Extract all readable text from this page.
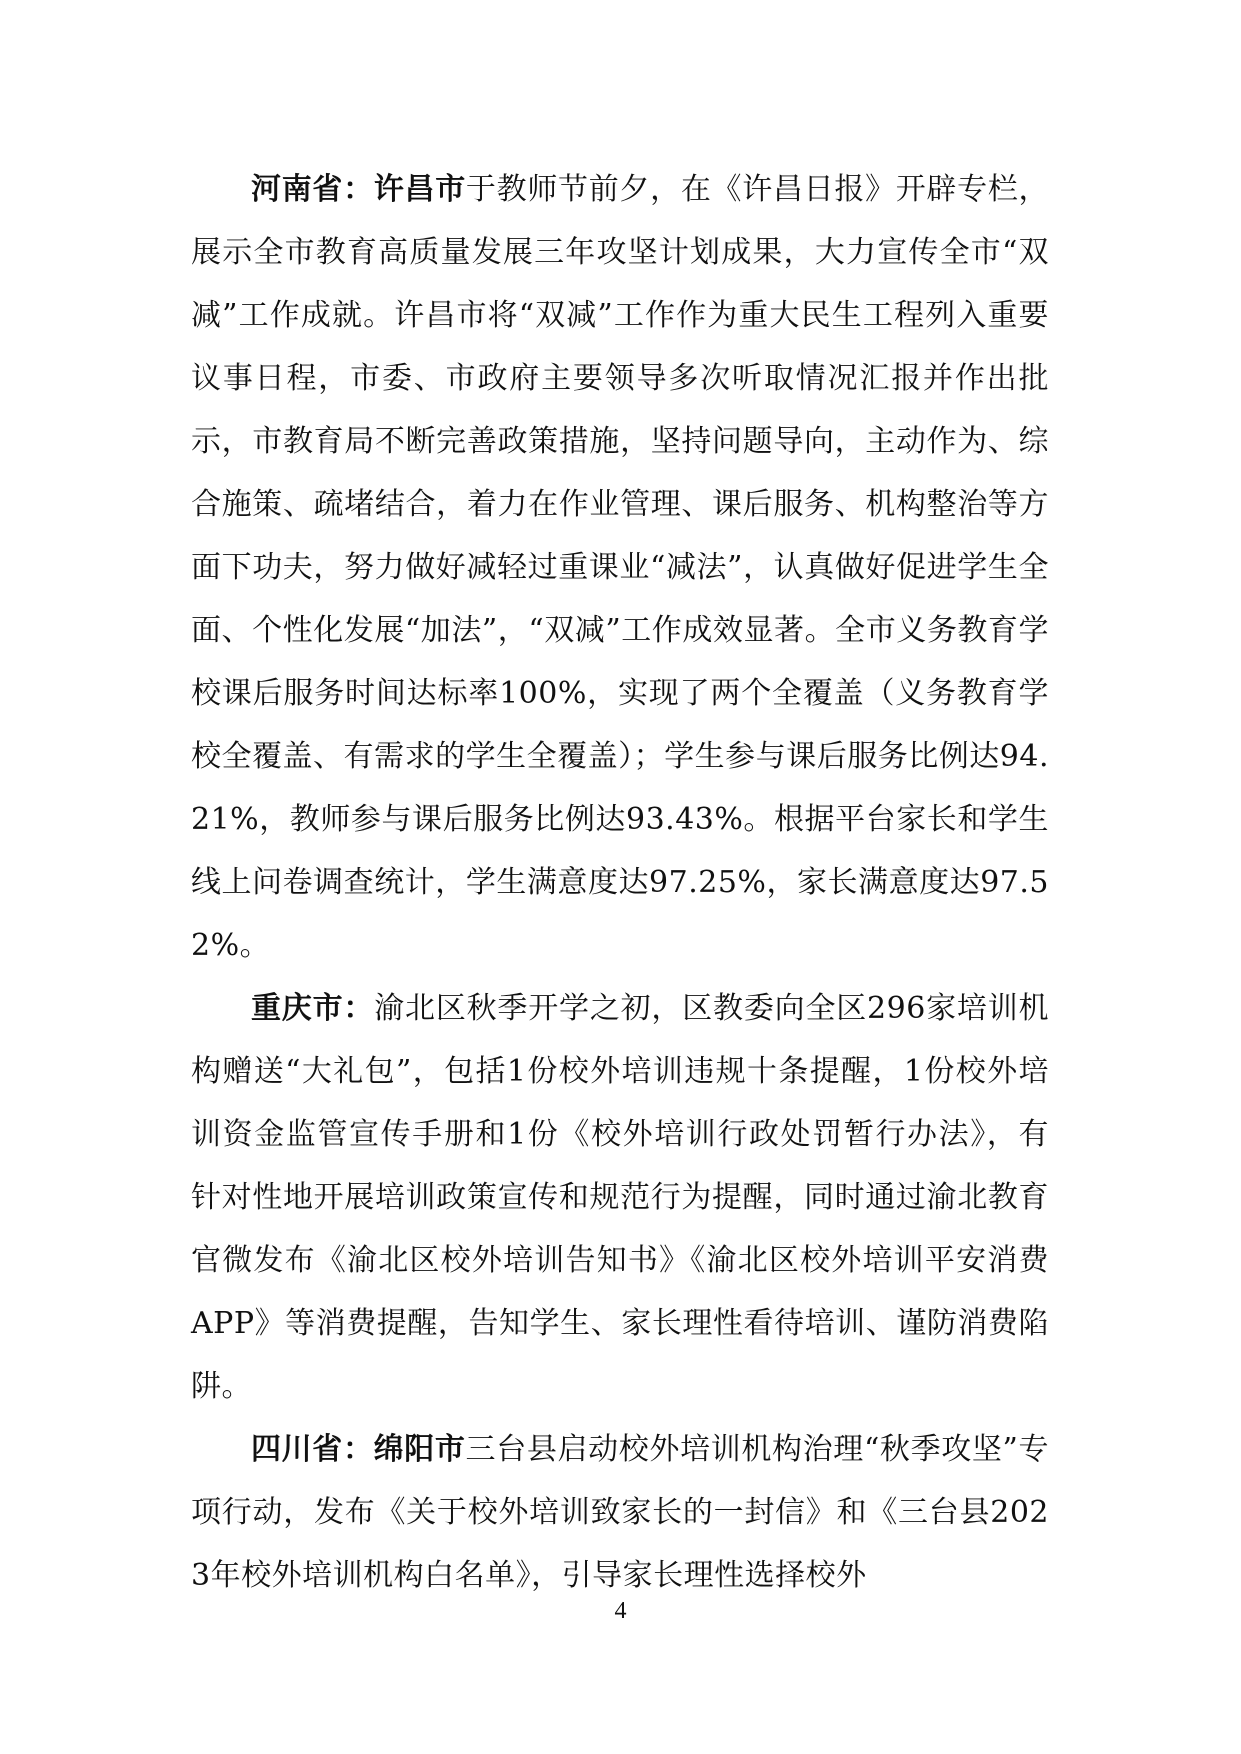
河南省：许昌市于教师节前夕，在《许昌日报》开辟专栏，展示全市教育高质量发展三年攻坚计划成果，大力宣传全市“双减”工作成就。许昌市将“双减”工作作为重大民生工程列入重要议事日程，市委、市政府主要领导多次听取情况汇报并作出批示，市教育局不断完善政策措施，坚持问题导向，主动作为、综合施策、疏堵结合，着力在作业管理、课后服务、机构整治等方面下功夫，努力做好减轻过重课业“减法”，认真做好促进学生全面、个性化发展“加法”，“双减”工作成效显著。全市义务教育学校课后服务时间达标率100%，实现了两个全覆盖（义务教育学校全覆盖、有需求的学生全覆盖）；学生参与课后服务比例达94.21%，教师参与课后服务比例达93.43%。根据平台家长和学生线上问卷调查统计，学生满意度达97.25%，家长满意度达97.52%。

重庆市：渝北区秋季开学之初，区教委向全区296家培训机构赠送“大礼包”，包括1份校外培训违规十条提醒，1份校外培训资金监管宣传手册和1份《校外培训行政处罚暂行办法》，有针对性地开展培训政策宣传和规范行为提醒，同时通过渝北教育官微发布《渝北区校外培训告知书》《渝北区校外培训平安消费APP》等消费提醒，告知学生、家长理性看待培训、谨防消费陷阱。

四川省：绵阳市三台县启动校外培训机构治理“秋季攻坚”专项行动，发布《关于校外培训致家长的一封信》和《三台县2023年校外培训机构白名单》，引导家长理性选择校外

4
